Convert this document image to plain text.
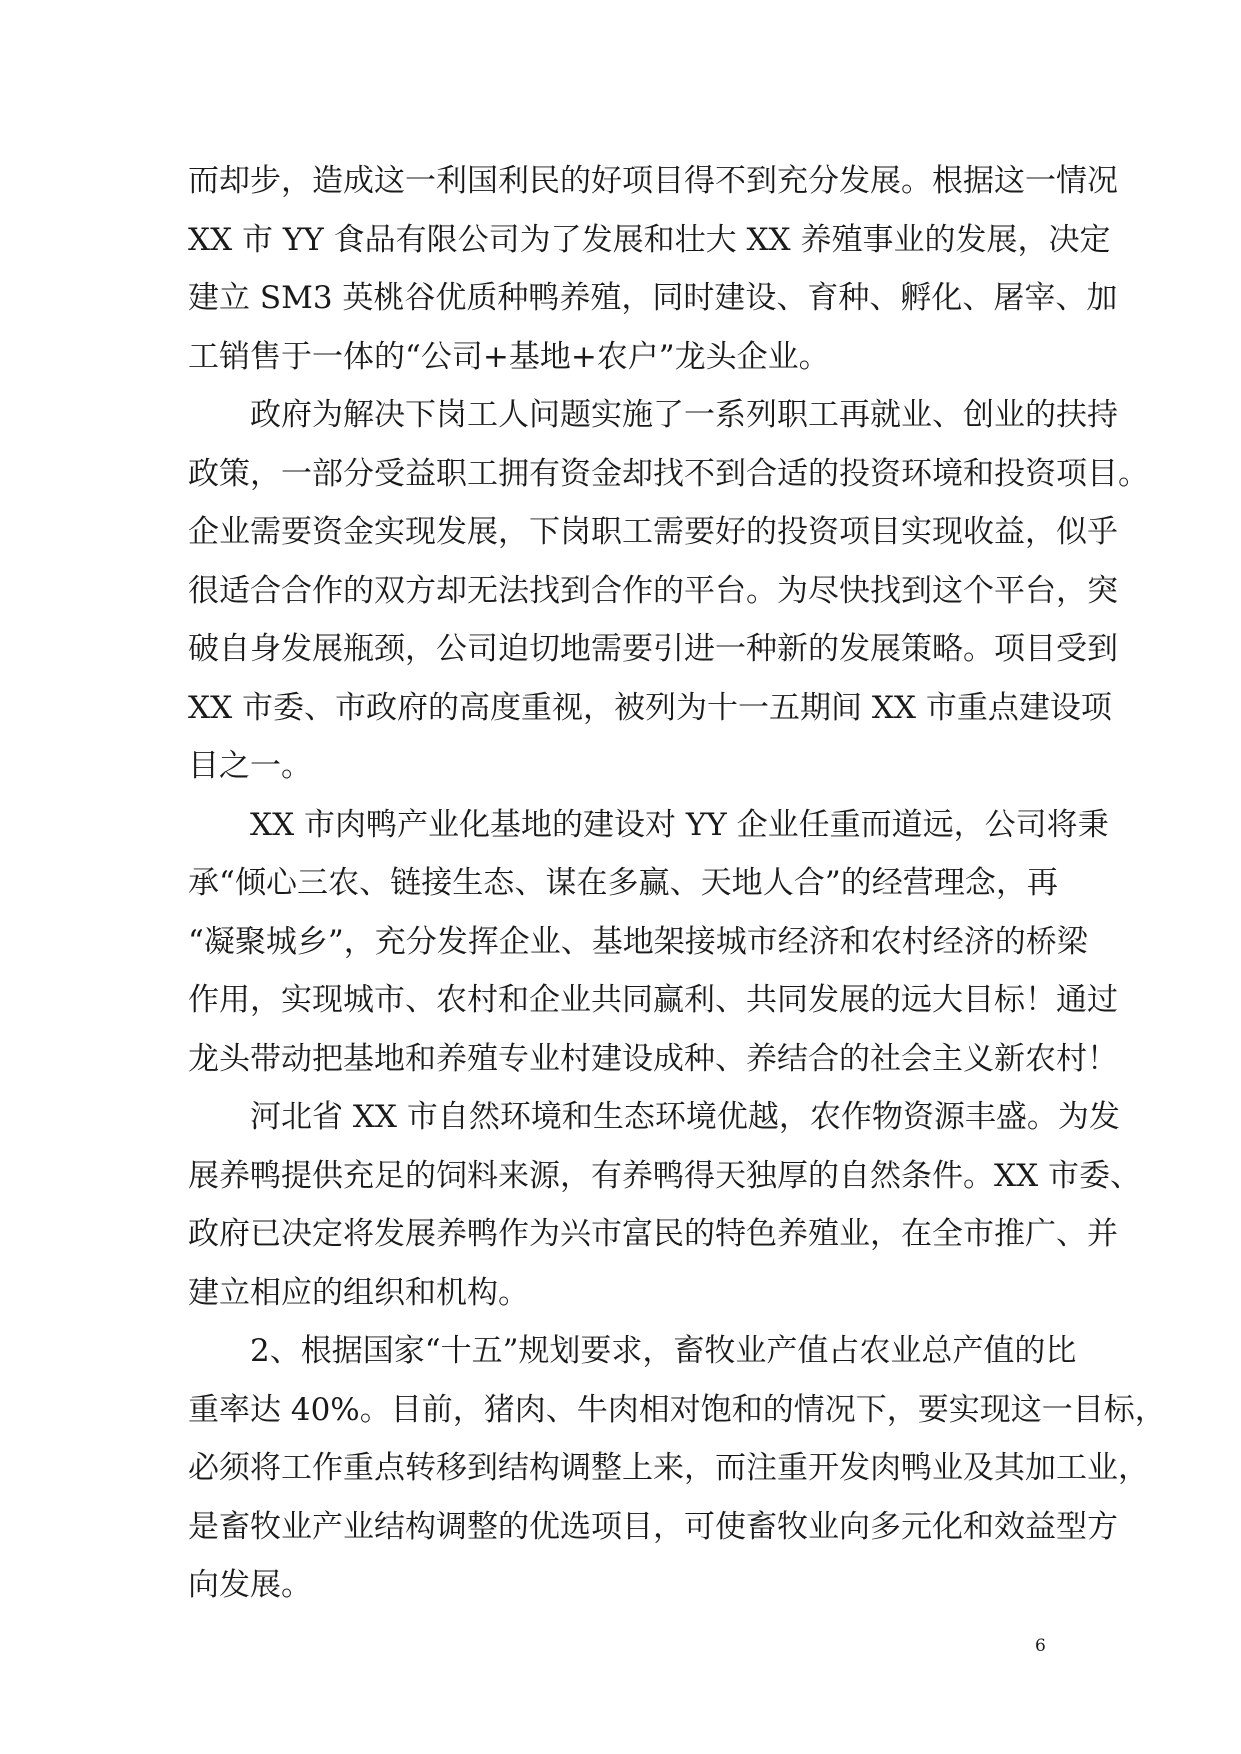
而却步，造成这一利国利民的好项目得不到充分发展。根据这一情况
XX 市 YY 食品有限公司为了发展和壮大 XX 养殖事业的发展，决定
建立 SM3 英桃谷优质种鸭养殖，同时建设、育种、孵化、屠宰、加
工销售于一体的“公司+基地+农户”龙头企业。
政府为解决下岗工人问题实施了一系列职工再就业、创业的扶持
政策，一部分受益职工拥有资金却找不到合适的投资环境和投资项目。
企业需要资金实现发展，下岗职工需要好的投资项目实现收益，似乎
很适合合作的双方却无法找到合作的平台。为尽快找到这个平台，突
破自身发展瓶颈，公司迫切地需要引进一种新的发展策略。项目受到
XX 市委、市政府的高度重视，被列为十一五期间 XX 市重点建设项
目之一。
XX 市肉鸭产业化基地的建设对 YY 企业任重而道远，公司将秉
承“倾心三农、链接生态、谋在多赢、天地人合”的经营理念，再
“凝聚城乡”，充分发挥企业、基地架接城市经济和农村经济的桥梁
作用，实现城市、农村和企业共同赢利、共同发展的远大目标！通过
龙头带动把基地和养殖专业村建设成种、养结合的社会主义新农村！
河北省 XX 市自然环境和生态环境优越，农作物资源丰盛。为发
展养鸭提供充足的饲料来源，有养鸭得天独厚的自然条件。XX 市委、
政府已决定将发展养鸭作为兴市富民的特色养殖业，在全市推广、并
建立相应的组织和机构。
2、根据国家“十五”规划要求，畜牧业产值占农业总产值的比
重率达 40%。目前，猪肉、牛肉相对饱和的情况下，要实现这一目标，
必须将工作重点转移到结构调整上来，而注重开发肉鸭业及其加工业，
是畜牧业产业结构调整的优选项目，可使畜牧业向多元化和效益型方
向发展。
6
